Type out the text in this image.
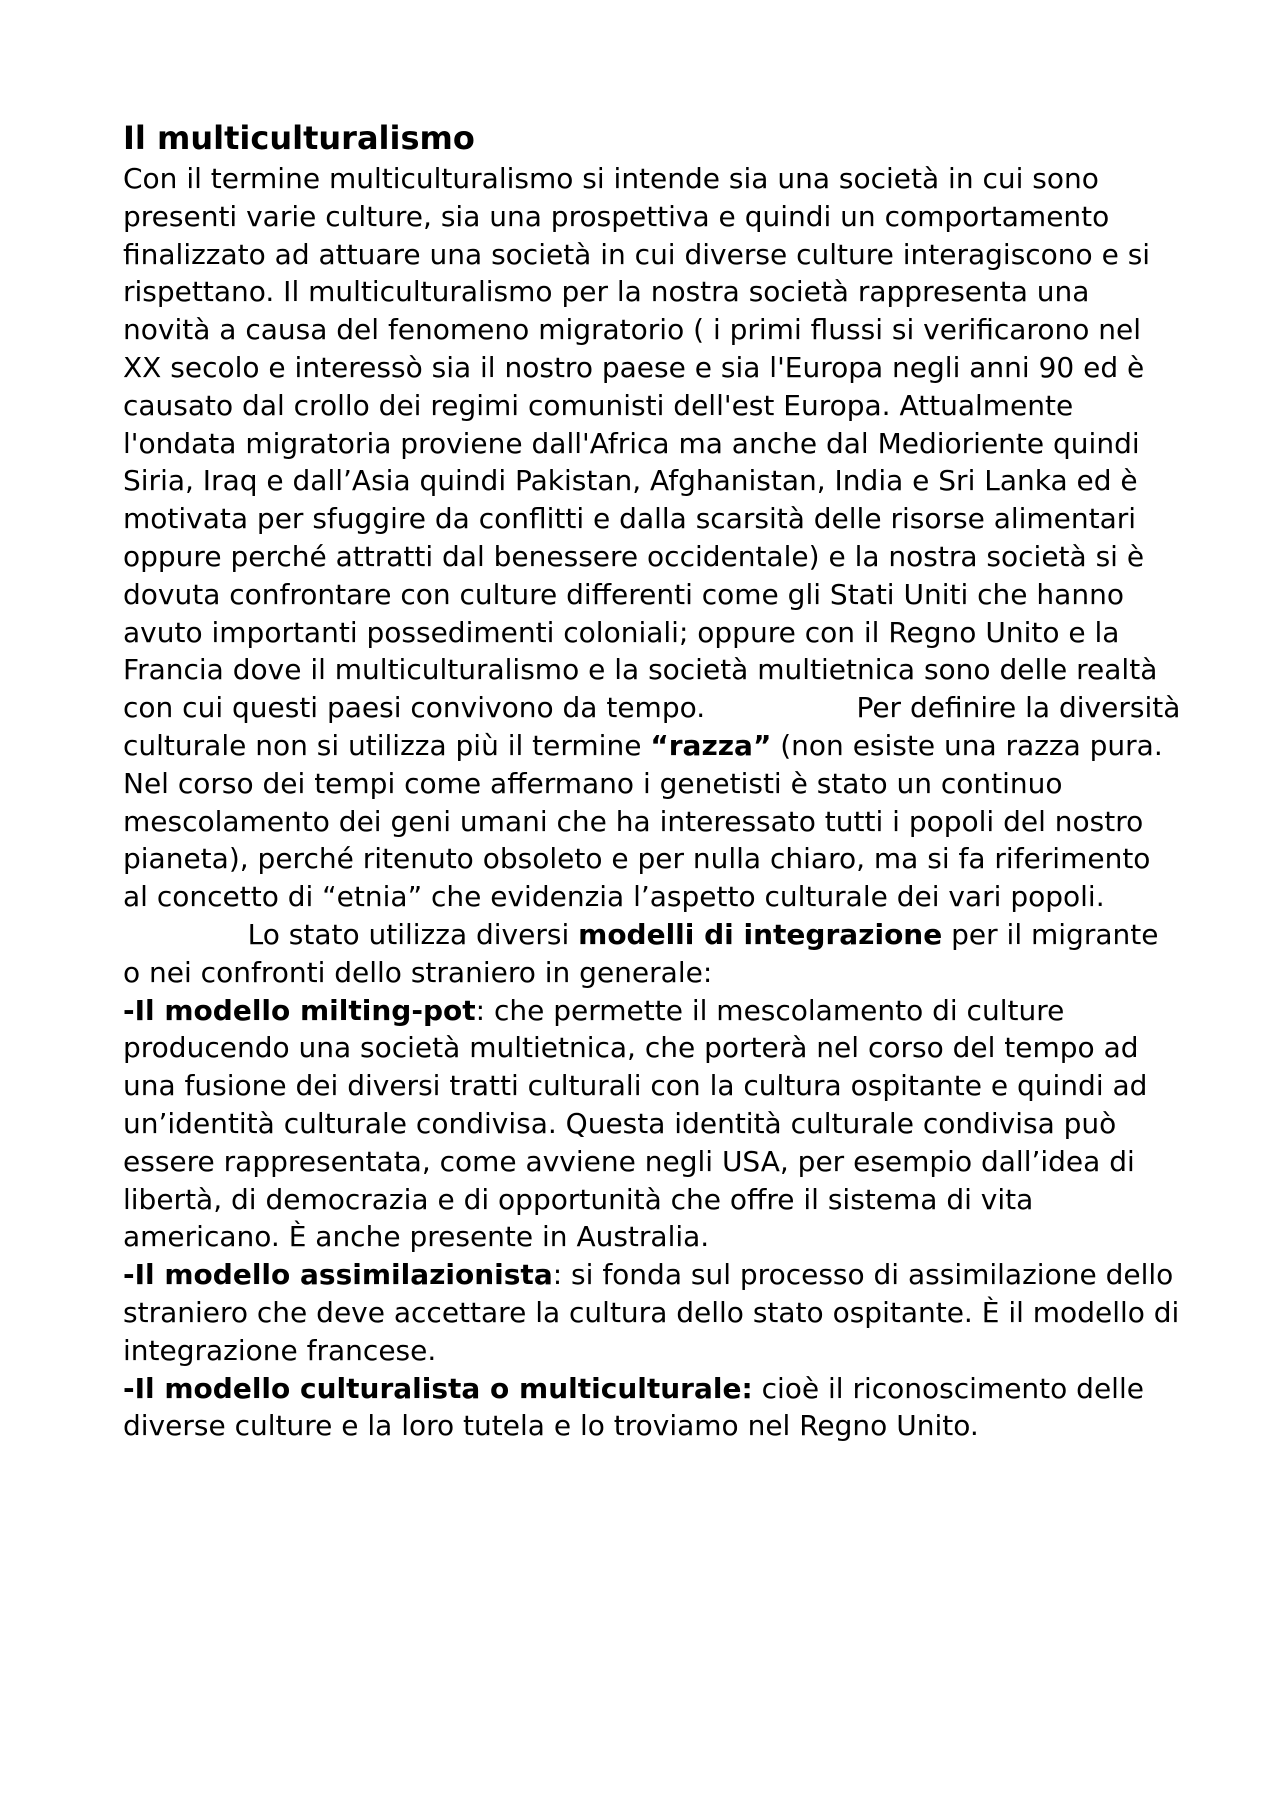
Il multiculturalismo

Con il termine multiculturalismo si intende sia una società in cui sono presenti varie culture, sia una prospettiva e quindi un comportamento finalizzato ad attuare una società in cui diverse culture interagiscono e si rispettano. Il multiculturalismo per la nostra società rappresenta una novità a causa del fenomeno migratorio ( i primi flussi si verificarono nel XX secolo e interessò sia il nostro paese e sia l'Europa negli anni 90 ed è causato dal crollo dei regimi comunisti dell'est Europa. Attualmente l'ondata migratoria proviene dall'Africa ma anche dal Medioriente quindi Siria, Iraq e dall’Asia quindi Pakistan, Afghanistan, India e Sri Lanka ed è motivata per sfuggire da conflitti e dalla scarsità delle risorse alimentari oppure perché attratti dal benessere occidentale) e la nostra società si è dovuta confrontare con culture differenti come gli Stati Uniti che hanno avuto importanti possedimenti coloniali; oppure con il Regno Unito e la Francia dove il multiculturalismo e la società multietnica sono delle realtà con cui questi paesi convivono da tempo.                 Per definire la diversità culturale non si utilizza più il termine “razza” (non esiste una razza pura. Nel corso dei tempi come affermano i genetisti è stato un continuo mescolamento dei geni umani che ha interessato tutti i popoli del nostro pianeta), perché ritenuto obsoleto e per nulla chiaro, ma si fa riferimento al concetto di “etnia” che evidenzia l’aspetto culturale dei vari popoli.

Lo stato utilizza diversi modelli di integrazione per il migrante o nei confronti dello straniero in generale:

-Il modello milting-pot: che permette il mescolamento di culture producendo una società multietnica, che porterà nel corso del tempo ad una fusione dei diversi tratti culturali con la cultura ospitante e quindi ad un’identità culturale condivisa. Questa identità culturale condivisa può essere rappresentata, come avviene negli USA, per esempio dall’idea di libertà, di democrazia e di opportunità che offre il sistema di vita americano. È anche presente in Australia.

-Il modello assimilazionista: si fonda sul processo di assimilazione dello straniero che deve accettare la cultura dello stato ospitante. È il modello di integrazione francese.

-Il modello culturalista o multiculturale: cioè il riconoscimento delle diverse culture e la loro tutela e lo troviamo nel Regno Unito.
